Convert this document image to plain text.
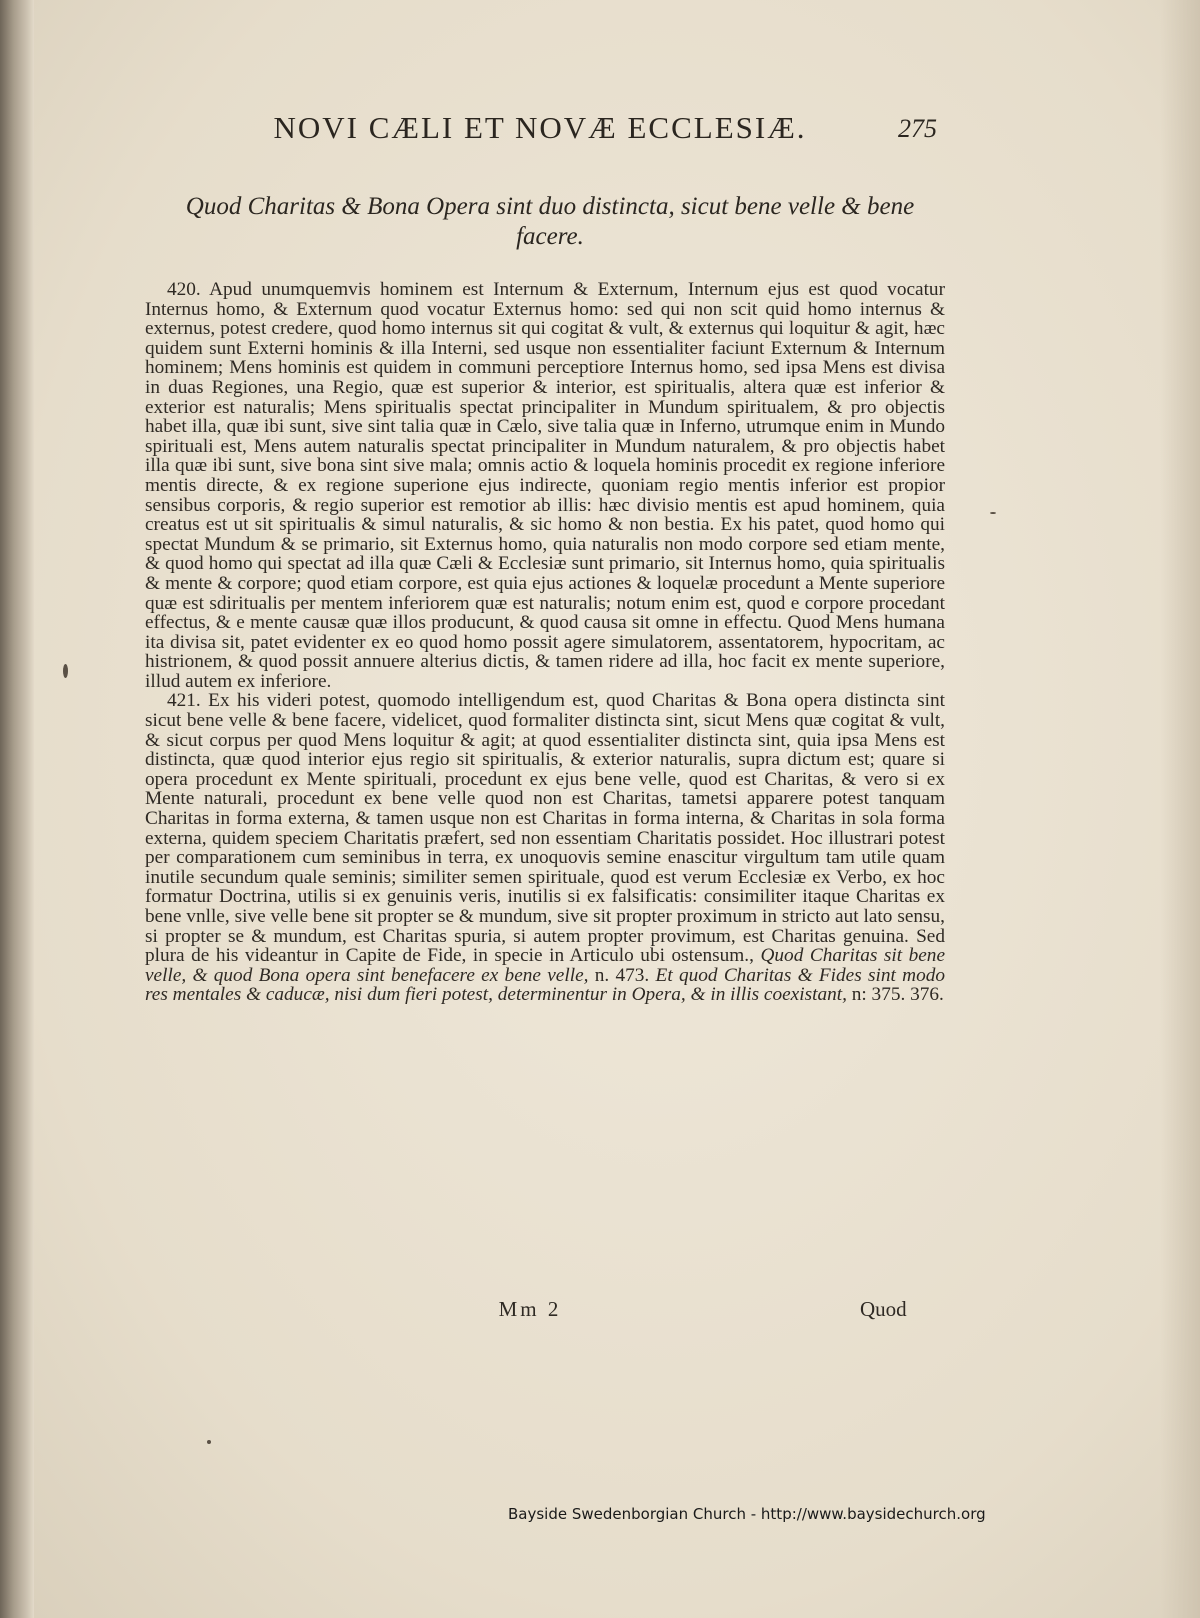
NOVI CÆLI ET NOVÆ ECCLESIÆ.	275
Quod Charitas & Bona Opera sint duo distincta, sicut bene velle & bene facere.

420. Apud unumquemvis hominem est Internum & Externum, Internum ejus est quod vocatur Internus homo, & Externum quod vocatur Externus homo: sed qui non scit quid homo internus & externus, potest credere, quod homo internus sit qui cogitat & vult, & externus qui loquitur & agit, hæc quidem sunt Externi hominis & illa Interni, sed usque non essentialiter faciunt Externum & Internum hominem; Mens hominis est quidem in communi perceptiore Internus homo, sed ipsa Mens est divisa in duas Regiones, una Regio, quæ est superior & interior, est spiritualis, altera quæ est inferior & exterior est naturalis; Mens spiritualis spectat principaliter in Mundum spiritualem, & pro objectis habet illa, quæ ibi sunt, sive sint talia quæ in Cælo, sive talia quæ in Inferno, utrumque enim in Mundo spirituali est, Mens autem naturalis spectat principaliter in Mundum naturalem, & pro objectis habet illa quæ ibi sunt, sive bona sint sive mala; omnis actio & loquela hominis procedit ex regione inferiore mentis directe, & ex regione superione ejus indirecte, quoniam regio mentis inferior est propior sensibus corporis, & regio superior est remotior ab illis: hæc divisio mentis est apud hominem, quia creatus est ut sit spiritualis & simul naturalis, & sic homo & non bestia. Ex his patet, quod homo qui spectat Mundum & se primario, sit Externus homo, quia naturalis non modo corpore sed etiam mente, & quod homo qui spectat ad illa quæ Cæli & Ecclesiæ sunt primario, sit Internus homo, quia spiritualis & mente & corpore; quod etiam corpore, est quia ejus actiones & loquelæ procedunt a Mente superiore quæ est sdiritualis per mentem inferiorem quæ est naturalis; notum enim est, quod e corpore procedant effectus, & e mente causæ quæ illos producunt, & quod causa sit omne in effectu. Quod Mens humana ita divisa sit, patet evidenter ex eo quod homo possit agere simulatorem, assentatorem, hypocritam, ac histrionem, & quod possit annuere alterius dictis, & tamen ridere ad illa, hoc facit ex mente superiore, illud autem ex inferiore.

421. Ex his videri potest, quomodo intelligendum est, quod Charitas & Bona opera distincta sint sicut bene velle & bene facere, videlicet, quod formaliter distincta sint, sicut Mens quæ cogitat & vult, & sicut corpus per quod Mens loquitur & agit; at quod essentialiter distincta sint, quia ipsa Mens est distincta, quæ quod interior ejus regio sit spiritualis, & exterior naturalis, supra dictum est; quare si opera procedunt ex Mente spirituali, procedunt ex ejus bene velle, quod est Charitas, & vero si ex Mente naturali, procedunt ex bene velle quod non est Charitas, tametsi apparere potest tanquam Charitas in forma externa, & tamen usque non est Charitas in forma interna, & Charitas in sola forma externa, quidem speciem Charitatis præfert, sed non essentiam Charitatis possidet. Hoc illustrari potest per comparationem cum seminibus in terra, ex unoquovis semine enascitur virgultum tam utile quam inutile secundum quale seminis; similiter semen spirituale, quod est verum Ecclesiæ ex Verbo, ex hoc formatur Doctrina, utilis si ex genuinis veris, inutilis si ex falsificatis: consimiliter itaque Charitas ex bene vnlle, sive velle bene sit propter se & mundum, sive sit propter proximum in stricto aut lato sensu, si propter se & mundum, est Charitas spuria, si autem propter provimum, est Charitas genuina. Sed plura de his videantur in Capite de Fide, in specie in Articulo ubi ostensum., Quod Charitas sit bene velle, & quod Bona opera sint benefacere ex bene velle, n. 473. Et quod Charitas & Fides sint modo res mentales & caducæ, nisi dum fieri potest, determinentur in Opera, & in illis coexistant, n: 375. 376.

Mm 2	Quod
Bayside Swedenborgian Church - http://www.baysidechurch.org
